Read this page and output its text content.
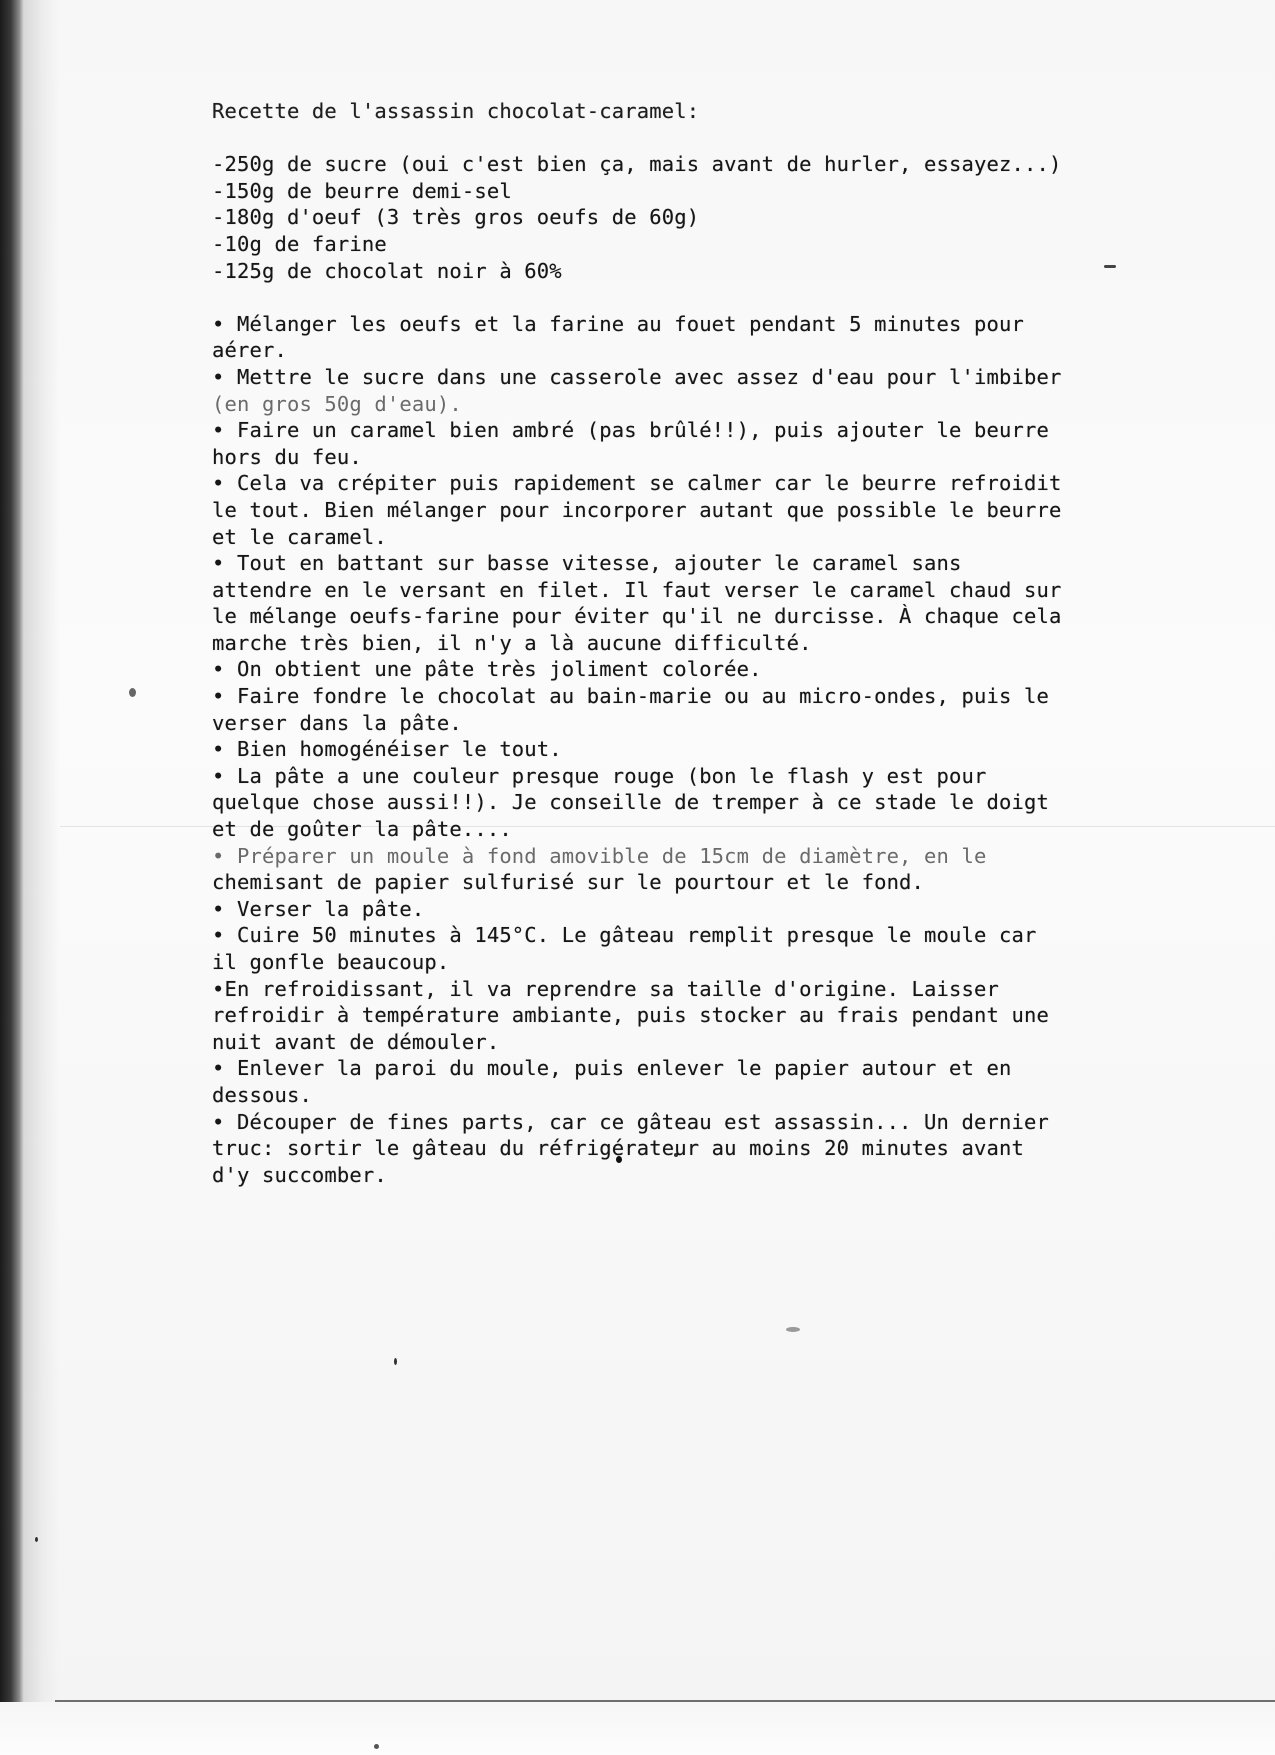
Recette de l'assassin chocolat-caramel:

-250g de sucre (oui c'est bien ça, mais avant de hurler, essayez...)

-150g de beurre demi-sel

-180g d'oeuf (3 très gros oeufs de 60g)

-10g de farine

-125g de chocolat noir à 60%

• Mélanger les oeufs et la farine au fouet pendant 5 minutes pour

aérer.

• Mettre le sucre dans une casserole avec assez d'eau pour l'imbiber

(en gros 50g d'eau).

• Faire un caramel bien ambré (pas brûlé!!), puis ajouter le beurre

hors du feu.

• Cela va crépiter puis rapidement se calmer car le beurre refroidit

le tout. Bien mélanger pour incorporer autant que possible le beurre

et le caramel.

• Tout en battant sur basse vitesse, ajouter le caramel sans

attendre en le versant en filet. Il faut verser le caramel chaud sur

le mélange oeufs-farine pour éviter qu'il ne durcisse. À chaque cela

marche très bien, il n'y a là aucune difficulté.

• On obtient une pâte très joliment colorée.

• Faire fondre le chocolat au bain-marie ou au micro-ondes, puis le

verser dans la pâte.

• Bien homogénéiser le tout.

• La pâte a une couleur presque rouge (bon le flash y est pour

quelque chose aussi!!). Je conseille de tremper à ce stade le doigt

et de goûter la pâte....

• Préparer un moule à fond amovible de 15cm de diamètre, en le

chemisant de papier sulfurisé sur le pourtour et le fond.

• Verser la pâte.

• Cuire 50 minutes à 145°C. Le gâteau remplit presque le moule car

il gonfle beaucoup.

•En refroidissant, il va reprendre sa taille d'origine. Laisser

refroidir à température ambiante, puis stocker au frais pendant une

nuit avant de démouler.

• Enlever la paroi du moule, puis enlever le papier autour et en

dessous.

• Découper de fines parts, car ce gâteau est assassin... Un dernier

truc: sortir le gâteau du réfrigérateur au moins 20 minutes avant

d'y succomber.
